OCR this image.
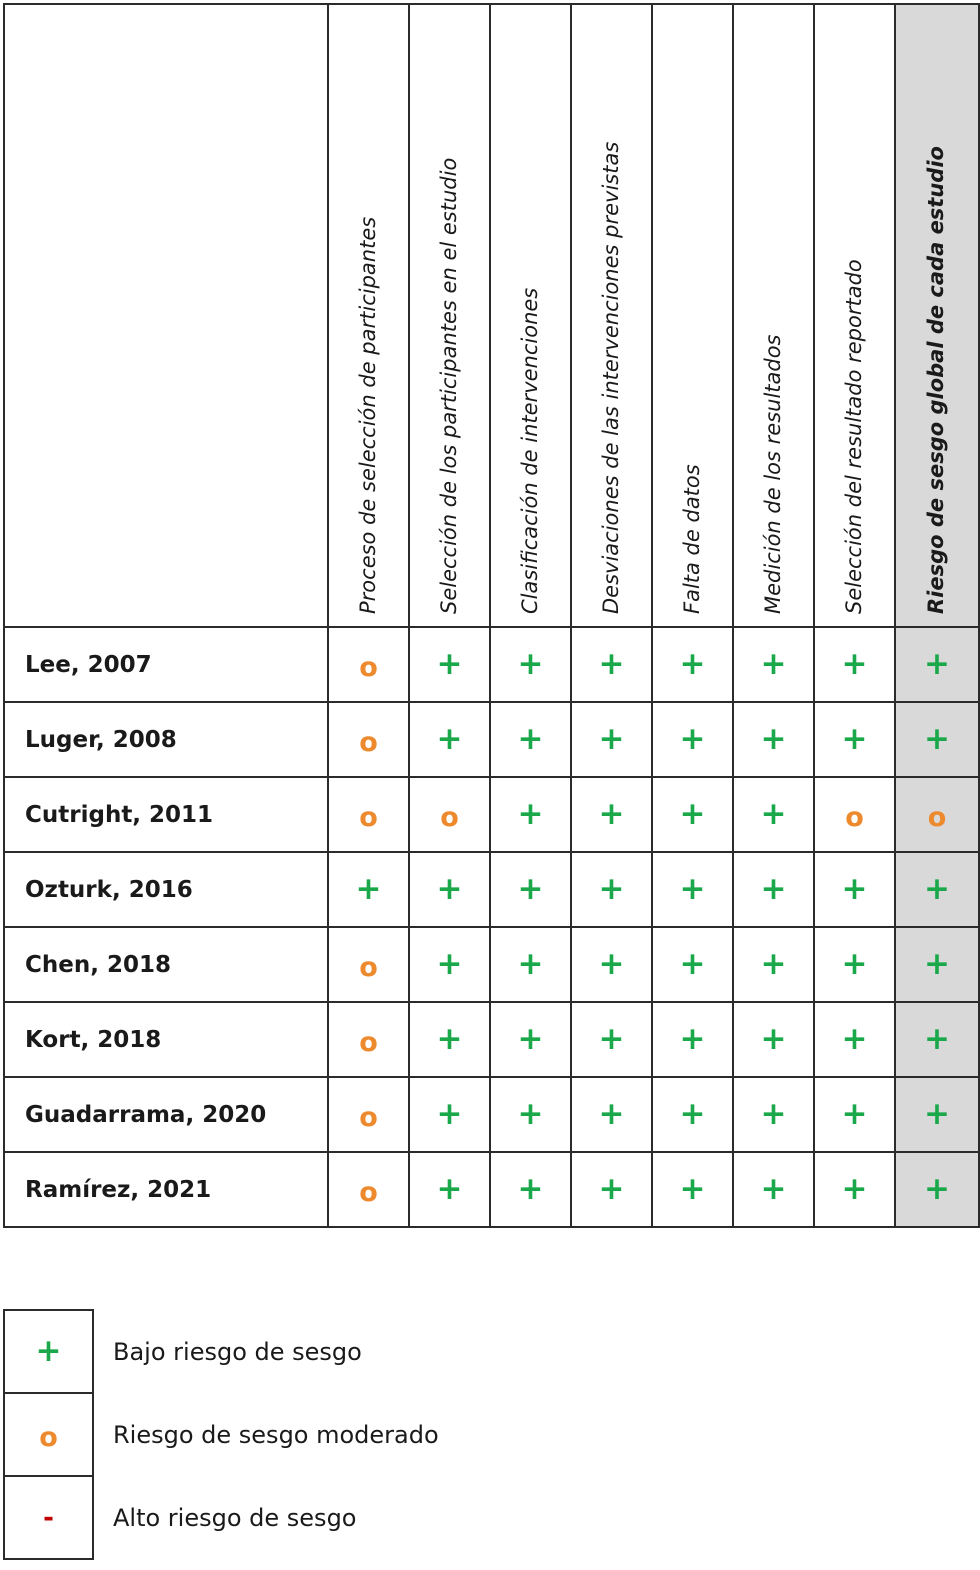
	Proceso de selección de participantes	Selección de los participantes en el estudio	Clasificación de intervenciones	Desviaciones de las intervenciones previstas	Falta de datos	Medición de los resultados	Selección del resultado reportado	Riesgo de sesgo global de cada estudio

Lee, 2007	o	+	+	+	+	+	+	+
Luger, 2008	o	+	+	+	+	+	+	+
Cutright, 2011	o	o	+	+	+	+	o	o
Ozturk, 2016	+	+	+	+	+	+	+	+
Chen, 2018	o	+	+	+	+	+	+	+
Kort, 2018	o	+	+	+	+	+	+	+
Guadarrama, 2020	o	+	+	+	+	+	+	+
Ramírez, 2021	o	+	+	+	+	+	+	+
+	Bajo riesgo de sesgo
o	Riesgo de sesgo moderado
-	Alto riesgo de sesgo
